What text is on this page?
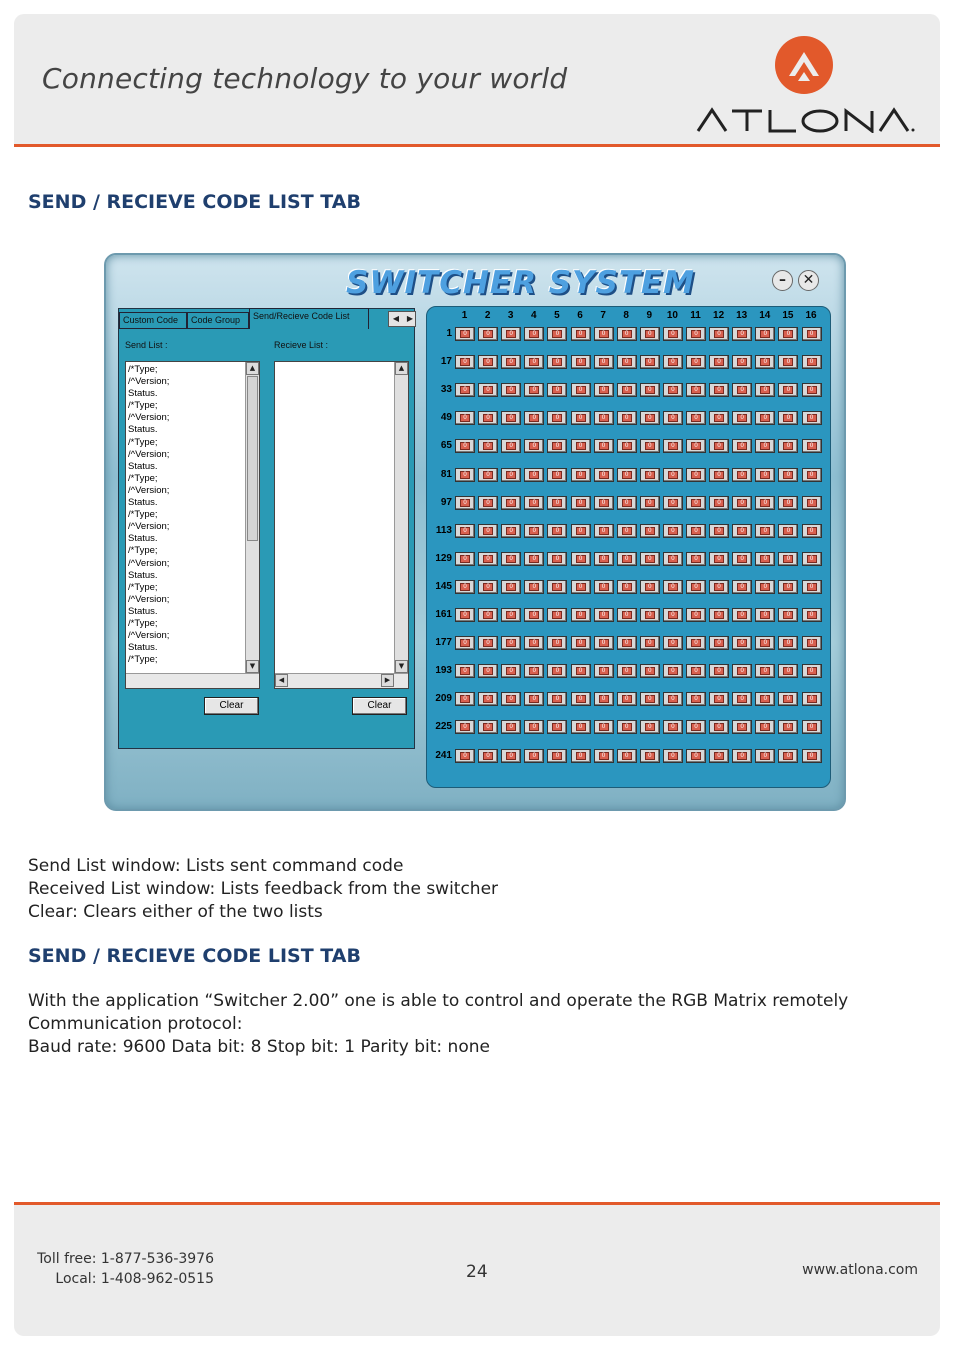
Connecting technology to your world
SEND / RECIEVE CODE LIST TAB
SWITCHER SYSTEM	–	✕
Send List :	Recieve List :
/*Type;
/^Version;
Status.
/*Type;
/^Version;
Status.
/*Type;
/^Version;
Status.
/*Type;
/^Version;
Status.
/*Type;
/^Version;
Status.
/*Type;
/^Version;
Status.
/*Type;
/^Version;
Status.
/*Type;
/^Version;
Status.
/*Type;
▲
▼
▲
▼
◀	▶
Clear	Clear
Custom Code	Code Group	Send/Recieve Code List	◀ ▶	1	2	3	4	5	6	7	8	9	10	11	12	13	14	15	16
1	0	0	0	0	0	0	0	0	0	0	0	0	0	0	0	0
17	0	0	0	0	0	0	0	0	0	0	0	0	0	0	0	0
33	0	0	0	0	0	0	0	0	0	0	0	0	0	0	0	0
49	0	0	0	0	0	0	0	0	0	0	0	0	0	0	0	0
65	0	0	0	0	0	0	0	0	0	0	0	0	0	0	0	0
81	0	0	0	0	0	0	0	0	0	0	0	0	0	0	0	0
97	0	0	0	0	0	0	0	0	0	0	0	0	0	0	0	0
113	0	0	0	0	0	0	0	0	0	0	0	0	0	0	0	0
129	0	0	0	0	0	0	0	0	0	0	0	0	0	0	0	0
145	0	0	0	0	0	0	0	0	0	0	0	0	0	0	0	0
161	0	0	0	0	0	0	0	0	0	0	0	0	0	0	0	0
177	0	0	0	0	0	0	0	0	0	0	0	0	0	0	0	0
193	0	0	0	0	0	0	0	0	0	0	0	0	0	0	0	0
209	0	0	0	0	0	0	0	0	0	0	0	0	0	0	0	0
225	0	0	0	0	0	0	0	0	0	0	0	0	0	0	0	0
241	0	0	0	0	0	0	0	0	0	0	0	0	0	0	0	0
Send List window: Lists sent command code
Received List window: Lists feedback from the switcher
Clear: Clears either of the two lists
SEND / RECIEVE CODE LIST TAB
With the application “Switcher 2.00” one is able to control and operate the RGB Matrix remotely
Communication protocol:
Baud rate: 9600 Data bit: 8 Stop bit: 1 Parity bit: none
Toll free: 1-877-536-3976
Local: 1-408-962-0515	24	www.atlona.com
